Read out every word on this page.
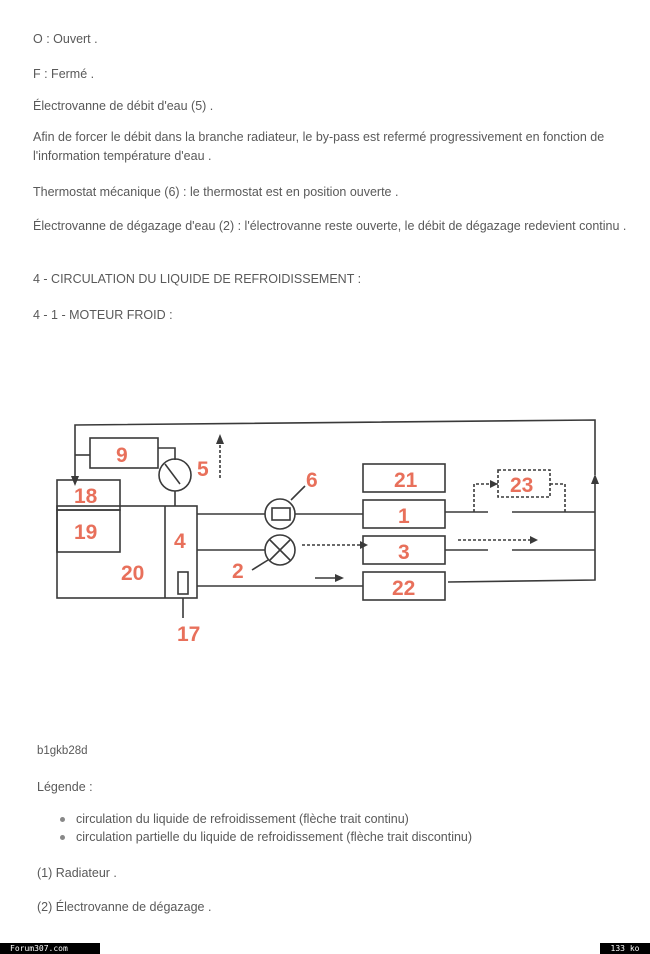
O : Ouvert .
F : Fermé .
Électrovanne de débit d'eau (5) .
Afin de forcer le débit dans la branche radiateur, le by-pass est refermé progressivement en fonction de l'information température d'eau .
Thermostat mécanique (6) : le thermostat est en position ouverte .
Électrovanne de dégazage d'eau (2) : l'électrovanne reste ouverte, le débit de dégazage redevient continu .
4 - CIRCULATION DU LIQUIDE DE REFROIDISSEMENT :
4 - 1 - MOTEUR FROID :
9
5	6
18
19	4
20	2
17
21
1
3
22
23
b1gkb28d
Légende :
circulation du liquide de refroidissement (flèche trait continu)
circulation partielle du liquide de refroidissement (flèche trait discontinu)
(1) Radiateur .
(2) Électrovanne de dégazage .
Forum307.com	133 ko
